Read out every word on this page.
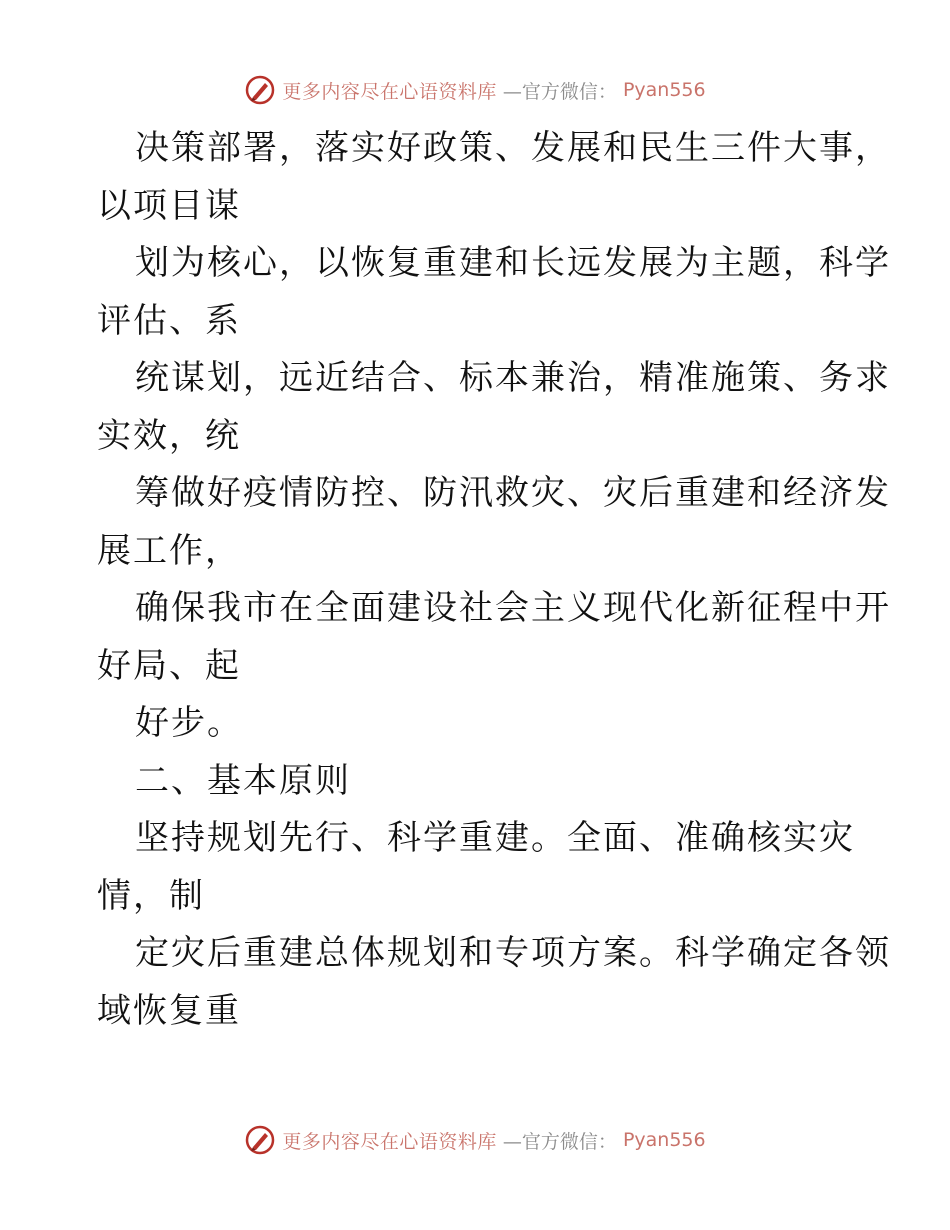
更多内容尽在心语资料库 —官方微信： Pyan556
决策部署，落实好政策、发展和民生三件大事，
以项目谋
划为核心，以恢复重建和长远发展为主题，科学
评估、系
统谋划，远近结合、标本兼治，精准施策、务求
实效，统
筹做好疫情防控、防汛救灾、灾后重建和经济发
展工作，
确保我市在全面建设社会主义现代化新征程中开
好局、起
好步。
二、基本原则
坚持规划先行、科学重建。全面、准确核实灾
情，制
定灾后重建总体规划和专项方案。科学确定各领
域恢复重
更多内容尽在心语资料库 —官方微信： Pyan556
